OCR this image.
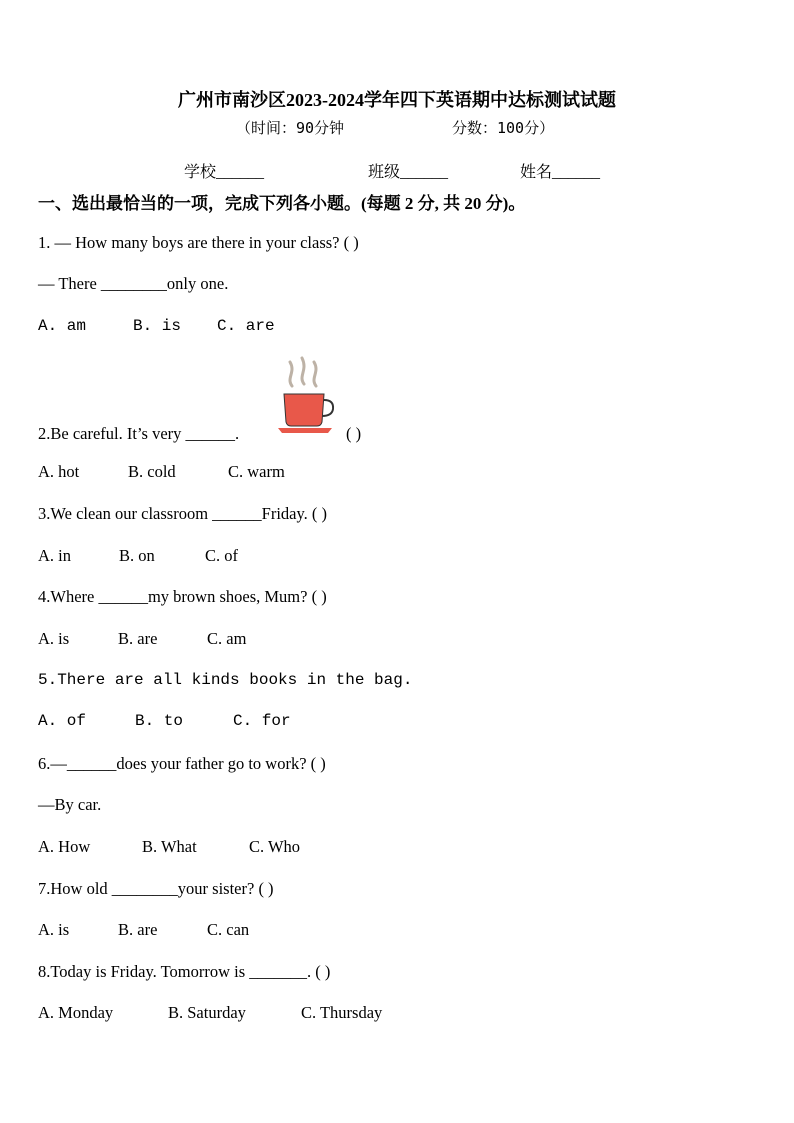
广州市南沙区2023-2024学年四下英语期中达标测试试题
（时间：90分钟	分数：100分）
学校______	班级______	姓名______
一、选出最恰当的一项，完成下列各小题。(每题 2 分, 共 20 分)。
1. — How many boys are there in your class? ( )
— There ________only one.
A. am	B. is C. are
2.Be careful. It’s very ______.	( )
A. hot	B. cold	C. warm
3.We clean our classroom ______Friday. ( )
A. in	B. on	C. of
4.Where ______my brown shoes, Mum? ( )
A. is	B. are	C. am
5.There are all kinds books in the bag.
A. of	B. to	C. for
6.—______does your father go to work? ( )
—By car.
A. How	B. What	C. Who
7.How old ________your sister? ( )
A. is	B. are	C. can
8.Today is Friday. Tomorrow is _______. ( )
A. Monday	B. Saturday	C. Thursday
